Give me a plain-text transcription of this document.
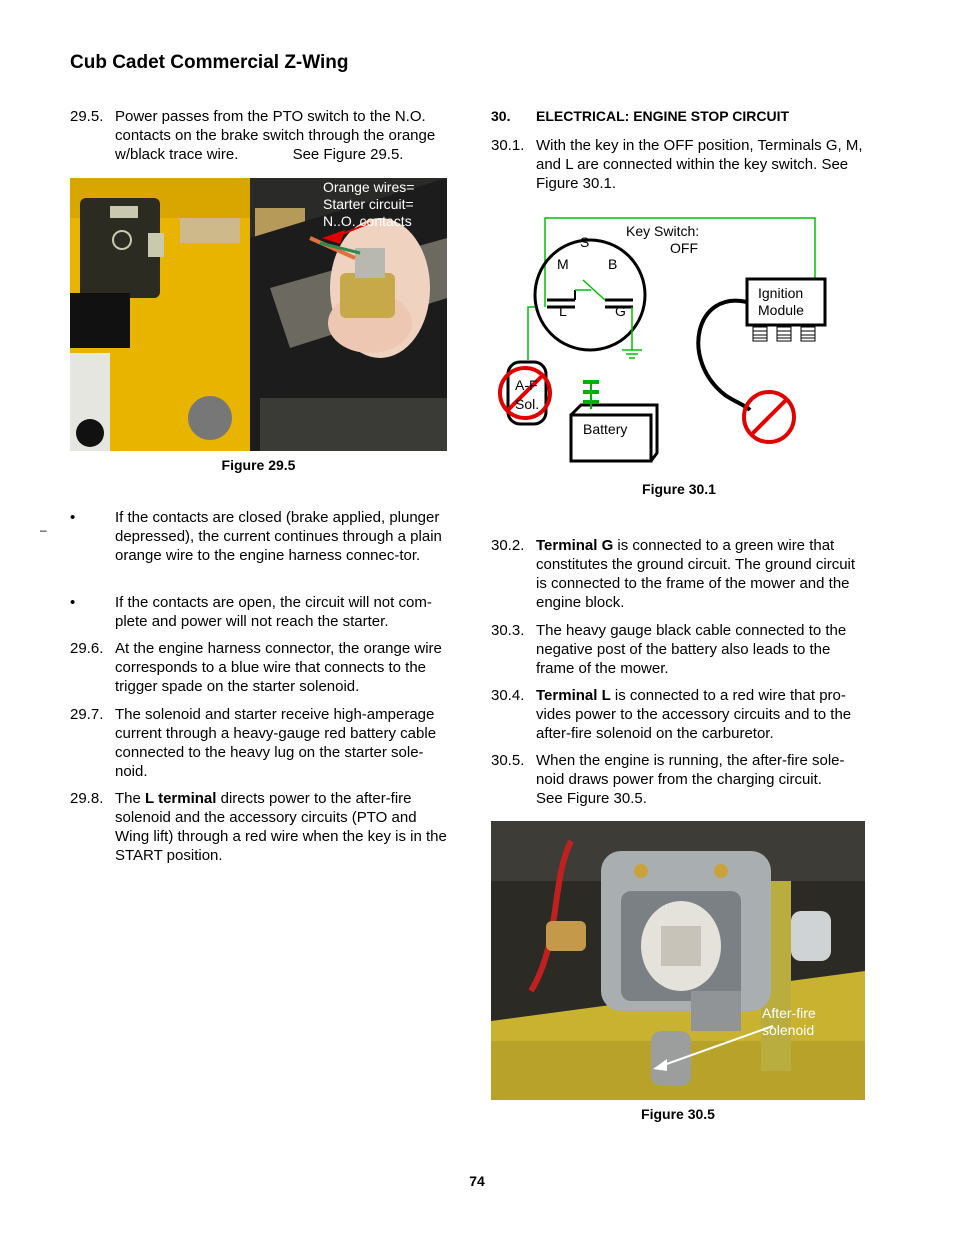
Cub Cadet Commercial Z-Wing
29.5. Power passes from the PTO switch to the N.O. contacts on the brake switch through the orange w/black trace wire.	See Figure 29.5.
Orange wires=
Starter circuit=
N..O. contacts
Figure 29.5
–
•	If the contacts are closed (brake applied, plunger depressed), the current continues through a plain orange wire to the engine harness connec-tor.
•	If the contacts are open, the circuit will not com-plete and power will not reach the starter.
29.6. At the engine harness connector, the orange wire corresponds to a blue wire that connects to the trigger spade on the starter solenoid.
29.7. The solenoid and starter receive high-amperage current through a heavy-gauge red battery cable connected to the heavy lug on the starter sole-noid.
29.8. The L terminal directs power to the after-fire solenoid and the accessory circuits (PTO and Wing lift) through a red wire when the key is in the START position.
30. ELECTRICAL: ENGINE STOP CIRCUIT
30.1. With the key in the OFF position, Terminals G, M, and L are connected within the key switch. See Figure 30.1.
Key Switch:
OFF
S
M	B
L	G
Ignition
Module
A-F
Sol.
Battery
Figure 30.1
30.2. Terminal G is connected to a green wire that constitutes the ground circuit. The ground circuit is connected to the frame of the mower and the engine block.
30.3. The heavy gauge black cable connected to the negative post of the battery also leads to the frame of the mower.
30.4. Terminal L is connected to a red wire that pro-vides power to the accessory circuits and to the after-fire solenoid on the carburetor.
30.5. When the engine is running, the after-fire sole-noid draws power from the charging circuit.
See Figure 30.5.
After-fire
solenoid
Figure 30.5
74
